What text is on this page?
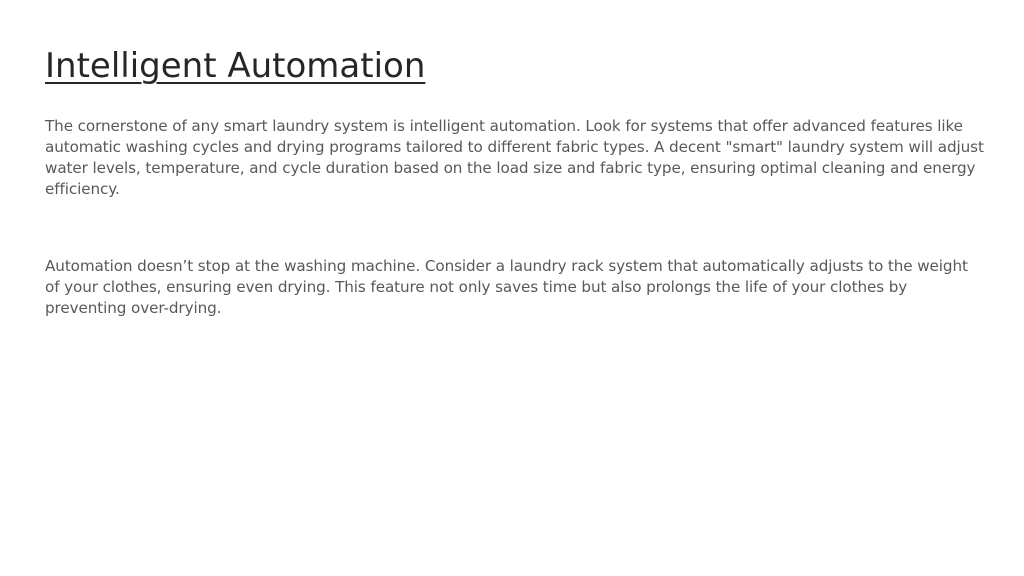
Intelligent Automation

The cornerstone of any smart laundry system is intelligent automation. Look for systems that offer advanced features like automatic washing cycles and drying programs tailored to different fabric types. A decent "smart" laundry system will adjust water levels, temperature, and cycle duration based on the load size and fabric type, ensuring optimal cleaning and energy efficiency.

Automation doesn’t stop at the washing machine. Consider a laundry rack system that automatically adjusts to the weight of your clothes, ensuring even drying. This feature not only saves time but also prolongs the life of your clothes by preventing over-drying.
